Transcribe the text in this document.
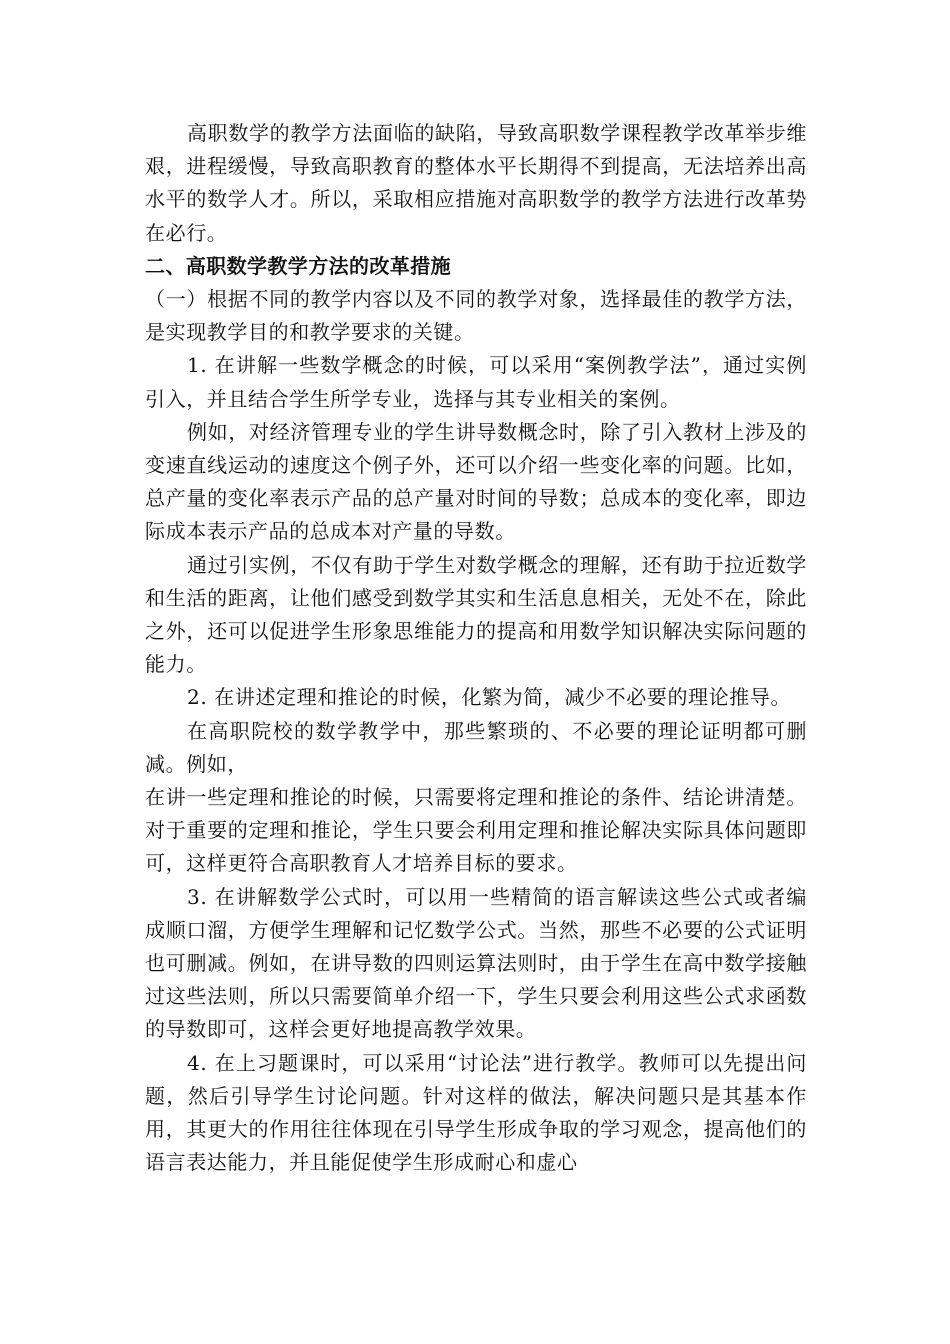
高职数学的教学方法面临的缺陷，导致高职数学课程教学改革举步维艰，进程缓慢，导致高职教育的整体水平长期得不到提高，无法培养出高水平的数学人才。所以，采取相应措施对高职数学的教学方法进行改革势在必行。

二、高职数学教学方法的改革措施

（一）根据不同的教学内容以及不同的教学对象，选择最佳的教学方法，是实现教学目的和教学要求的关键。

1. 在讲解一些数学概念的时候，可以采用“案例教学法”，通过实例引入，并且结合学生所学专业，选择与其专业相关的案例。

例如，对经济管理专业的学生讲导数概念时，除了引入教材上涉及的变速直线运动的速度这个例子外，还可以介绍一些变化率的问题。比如，总产量的变化率表示产品的总产量对时间的导数；总成本的变化率，即边际成本表示产品的总成本对产量的导数。

通过引实例，不仅有助于学生对数学概念的理解，还有助于拉近数学和生活的距离，让他们感受到数学其实和生活息息相关，无处不在，除此之外，还可以促进学生形象思维能力的提高和用数学知识解决实际问题的能力。

2. 在讲述定理和推论的时候，化繁为简，减少不必要的理论推导。

在高职院校的数学教学中，那些繁琐的、不必要的理论证明都可删减。例如，

在讲一些定理和推论的时候，只需要将定理和推论的条件、结论讲清楚。对于重要的定理和推论，学生只要会利用定理和推论解决实际具体问题即可，这样更符合高职教育人才培养目标的要求。

3. 在讲解数学公式时，可以用一些精简的语言解读这些公式或者编成顺口溜，方便学生理解和记忆数学公式。当然，那些不必要的公式证明也可删减。例如，在讲导数的四则运算法则时，由于学生在高中数学接触过这些法则，所以只需要简单介绍一下，学生只要会利用这些公式求函数的导数即可，这样会更好地提高教学效果。

4. 在上习题课时，可以采用“讨论法”进行教学。教师可以先提出问题，然后引导学生讨论问题。针对这样的做法，解决问题只是其基本作用，其更大的作用往往体现在引导学生形成争取的学习观念，提高他们的语言表达能力，并且能促使学生形成耐心和虚心
